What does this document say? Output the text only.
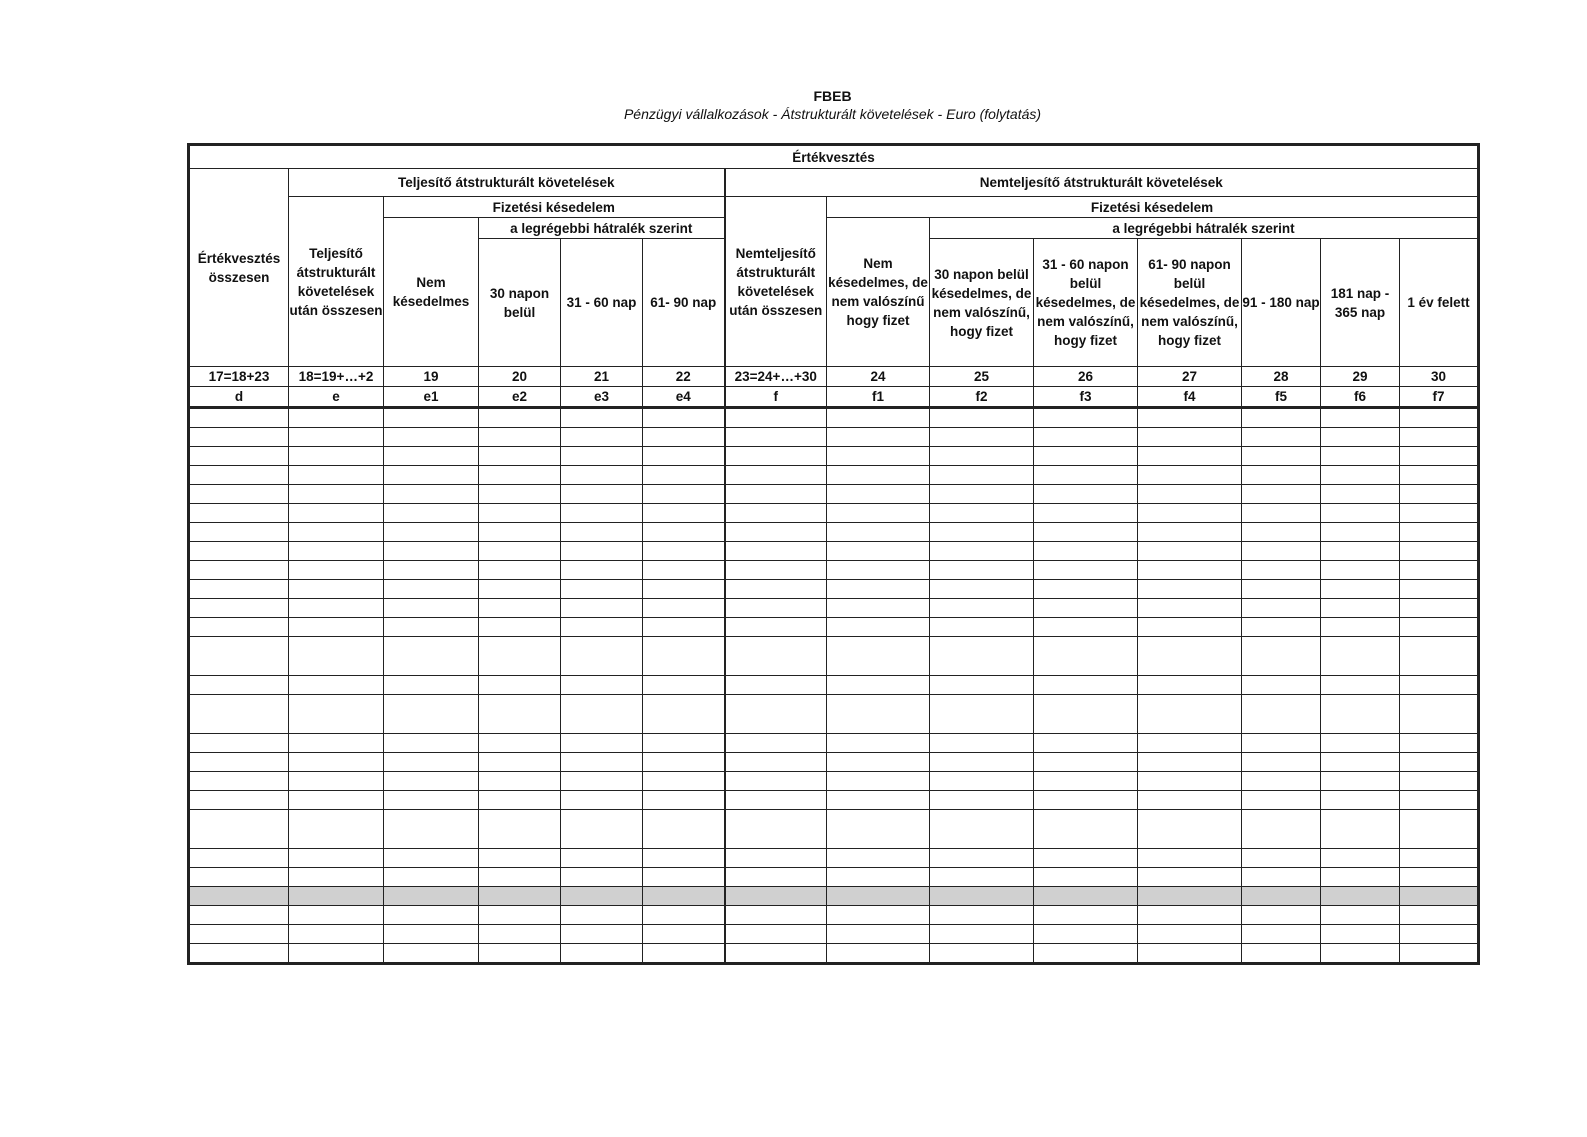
FBEB
Pénzügyi vállalkozások - Átstrukturált követelések - Euro (folytatás)
Értékvesztés													
Értékvesztés összesen	Teljesítő átstrukturált követelések					Nemteljesítő átstrukturált követelések							
	Teljesítő átstrukturált követelések után összesen	Fizetési késedelem				Nemteljesítő átstrukturált követelések után összesen	Fizetési késedelem						
		Nem késedelmes	a legrégebbi hátralék szerint				Nem késedelmes, de nem valószínű hogy fizet	a legrégebbi hátralék szerint					
			30 napon belül	31 - 60 nap	61- 90 nap			30 napon belül késedelmes, de nem valószínű, hogy fizet	31 - 60 napon belül késedelmes, de nem valószínű, hogy fizet	61- 90 napon belül késedelmes, de nem valószínű, hogy fizet	91 - 180 nap	181 nap - 365 nap	1 év felett

17=18+23	18=19+…+2	19	20	21	22	23=24+…+30	24	25	26	27	28	29	30
d	e	e1	e2	e3	e4	f	f1	f2	f3	f4	f5	f6	f7
